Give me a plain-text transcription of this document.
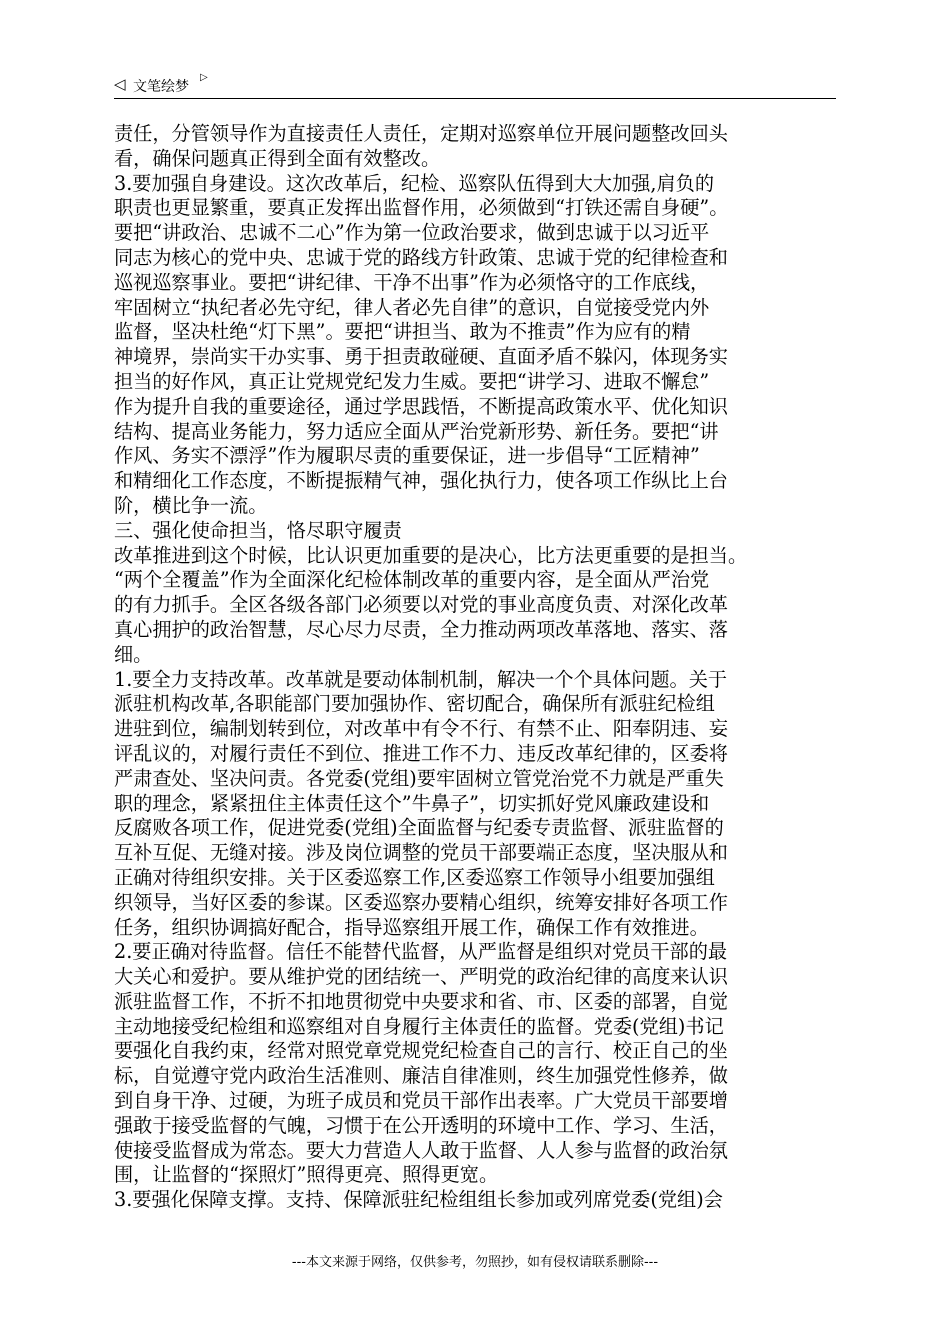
◁ 文笔绘梦
▷
责任，分管领导作为直接责任人责任，定期对巡察单位开展问题整改回头
看，确保问题真正得到全面有效整改。
3.要加强自身建设。这次改革后，纪检、巡察队伍得到大大加强,肩负的
职责也更显繁重，要真正发挥出监督作用，必须做到“打铁还需自身硬”。
要把“讲政治、忠诚不二心”作为第一位政治要求，做到忠诚于以习近平
同志为核心的党中央、忠诚于党的路线方针政策、忠诚于党的纪律检查和
巡视巡察事业。要把“讲纪律、干净不出事”作为必须恪守的工作底线，
牢固树立“执纪者必先守纪，律人者必先自律”的意识，自觉接受党内外
监督，坚决杜绝“灯下黑”。要把“讲担当、敢为不推责”作为应有的精
神境界，崇尚实干办实事、勇于担责敢碰硬、直面矛盾不躲闪，体现务实
担当的好作风，真正让党规党纪发力生威。要把“讲学习、进取不懈怠”
作为提升自我的重要途径，通过学思践悟，不断提高政策水平、优化知识
结构、提高业务能力，努力适应全面从严治党新形势、新任务。要把“讲
作风、务实不漂浮”作为履职尽责的重要保证，进一步倡导“工匠精神”
和精细化工作态度，不断提振精气神，强化执行力，使各项工作纵比上台
阶，横比争一流。
三、强化使命担当，恪尽职守履责
改革推进到这个时候，比认识更加重要的是决心，比方法更重要的是担当。
“两个全覆盖”作为全面深化纪检体制改革的重要内容，是全面从严治党
的有力抓手。全区各级各部门必须要以对党的事业高度负责、对深化改革
真心拥护的政治智慧，尽心尽力尽责，全力推动两项改革落地、落实、落
细。
1.要全力支持改革。改革就是要动体制机制，解决一个个具体问题。关于
派驻机构改革,各职能部门要加强协作、密切配合，确保所有派驻纪检组
进驻到位，编制划转到位，对改革中有令不行、有禁不止、阳奉阴违、妄
评乱议的，对履行责任不到位、推进工作不力、违反改革纪律的，区委将
严肃查处、坚决问责。各党委(党组)要牢固树立管党治党不力就是严重失
职的理念，紧紧扭住主体责任这个”牛鼻子”，切实抓好党风廉政建设和
反腐败各项工作，促进党委(党组)全面监督与纪委专责监督、派驻监督的
互补互促、无缝对接。涉及岗位调整的党员干部要端正态度，坚决服从和
正确对待组织安排。关于区委巡察工作,区委巡察工作领导小组要加强组
织领导，当好区委的参谋。区委巡察办要精心组织，统筹安排好各项工作
任务，组织协调搞好配合，指导巡察组开展工作，确保工作有效推进。
2.要正确对待监督。信任不能替代监督，从严监督是组织对党员干部的最
大关心和爱护。要从维护党的团结统一、严明党的政治纪律的高度来认识
派驻监督工作，不折不扣地贯彻党中央要求和省、市、区委的部署，自觉
主动地接受纪检组和巡察组对自身履行主体责任的监督。党委(党组)书记
要强化自我约束，经常对照党章党规党纪检查自己的言行、校正自己的坐
标，自觉遵守党内政治生活准则、廉洁自律准则，终生加强党性修养，做
到自身干净、过硬，为班子成员和党员干部作出表率。广大党员干部要增
强敢于接受监督的气魄，习惯于在公开透明的环境中工作、学习、生活，
使接受监督成为常态。要大力营造人人敢于监督、人人参与监督的政治氛
围，让监督的“探照灯”照得更亮、照得更宽。
3.要强化保障支撑。支持、保障派驻纪检组组长参加或列席党委(党组)会
---本文来源于网络，仅供参考，勿照抄，如有侵权请联系删除---
